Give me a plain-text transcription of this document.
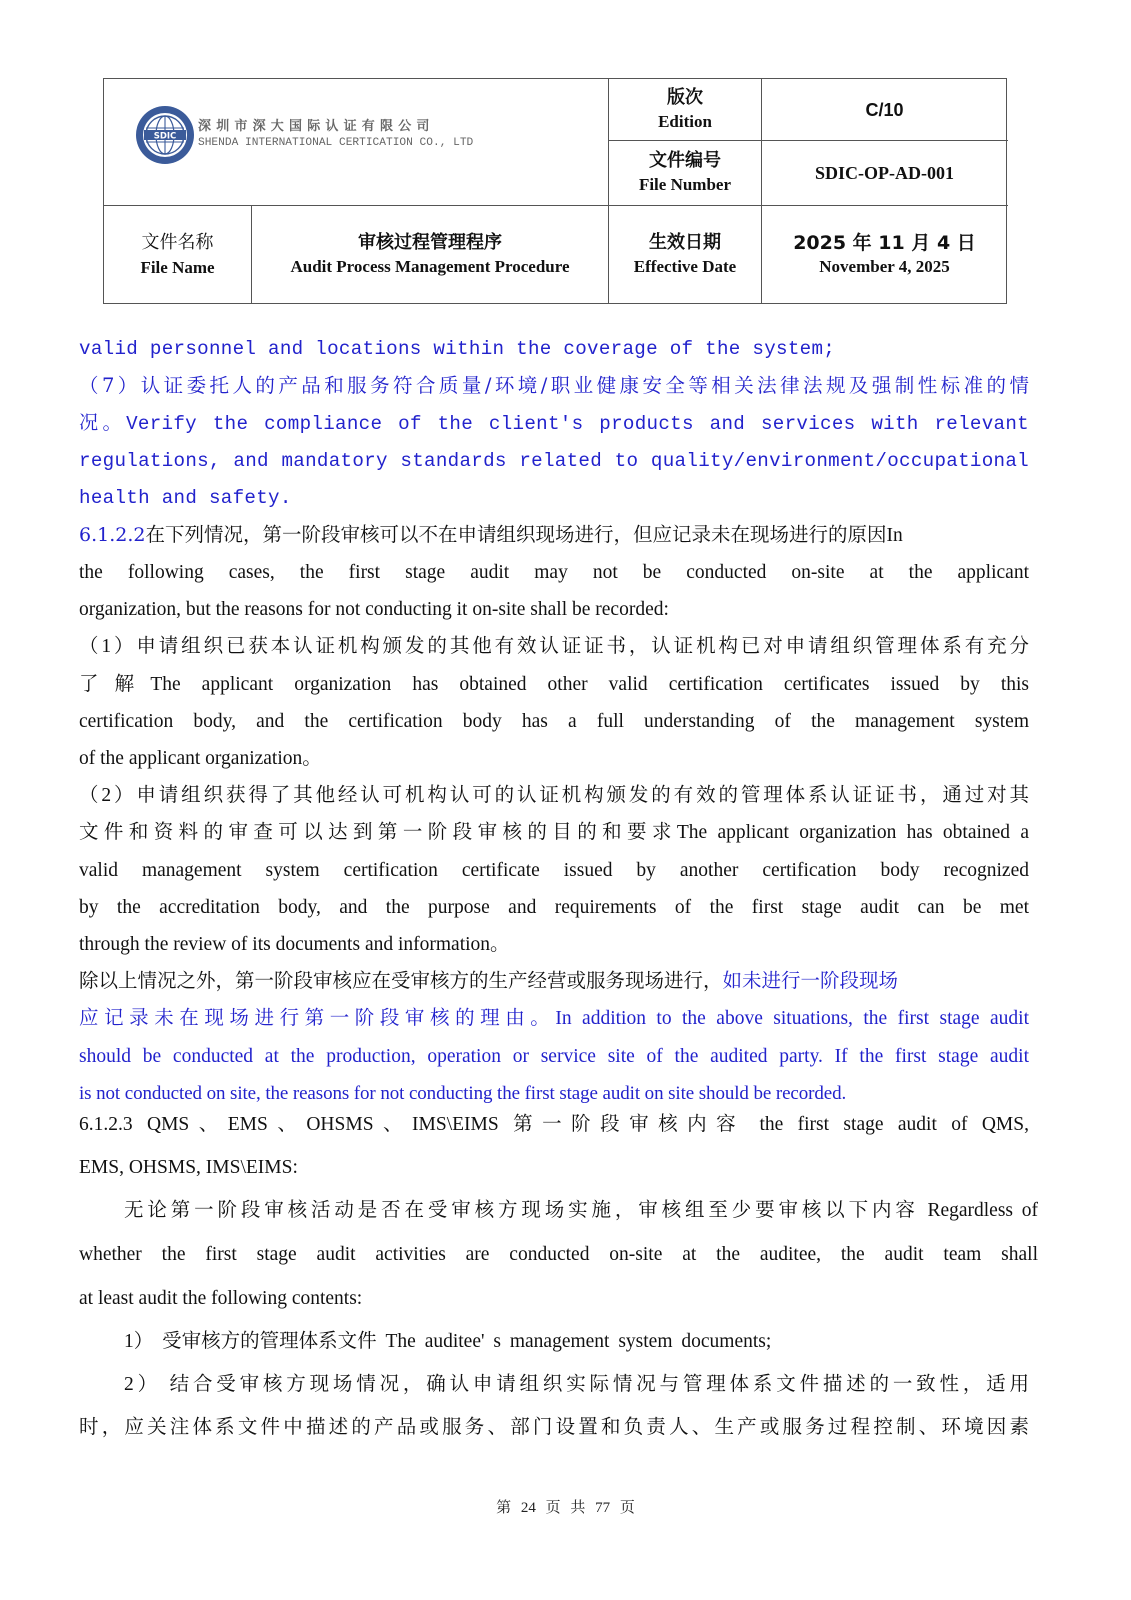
SDIC
深圳市深大国际认证有限公司
SHENDA INTERNATIONAL CERTICATION CO., LTD
版次
Edition
C/10
文件编号
File Number
SDIC-OP-AD-001
文件名称
File Name
审核过程管理程序
Audit Process Management Procedure
生效日期
Effective Date
2025 年 11 月 4 日
November 4, 2025
valid personnel and locations within the coverage of the system;
（7）认证委托人的产品和服务符合质量/环境/职业健康安全等相关法律法规及强制性标准的情
况。Verify the compliance of the client's products and services with relevant
regulations, and mandatory standards related to quality/environment/occupational
health and safety.
6.1.2.2在下列情况，第一阶段审核可以不在申请组织现场进行，但应记录未在现场进行的原因In
the following cases, the first stage audit may not be conducted on-site at the applicant
organization, but the reasons for not conducting it on-site shall be recorded:
（1）申请组织已获本认证机构颁发的其他有效认证证书，认证机构已对申请组织管理体系有充分
了解The applicant organization has obtained other valid certification certificates issued by this
certification body, and the certification body has a full understanding of the management system
of the applicant organization。
（2）申请组织获得了其他经认可机构认可的认证机构颁发的有效的管理体系认证证书，通过对其
文件和资料的审查可以达到第一阶段审核的目的和要求The applicant organization has obtained a
valid management system certification certificate issued by another certification body recognized
by the accreditation body, and the purpose and requirements of the first stage audit can be met
through the review of its documents and information。
除以上情况之外，第一阶段审核应在受审核方的生产经营或服务现场进行，如未进行一阶段现场
应记录未在现场进行第一阶段审核的理由。In addition to the above situations, the first stage audit
should be conducted at the production, operation or service site of the audited party. If the first stage audit
is not conducted on site, the reasons for not conducting the first stage audit on site should be recorded.
6.1.2.3 QMS、EMS、OHSMS、IMS\EIMS 第一阶段审核内容 the first stage audit of QMS,
EMS, OHSMS, IMS\EIMS:
无论第一阶段审核活动是否在受审核方现场实施，审核组至少要审核以下内容 Regardless of
whether the first stage audit activities are conducted on-site at the auditee, the audit team shall
at least audit the following contents:
1） 受审核方的管理体系文件 The auditee' s management system documents;
2） 结合受审核方现场情况，确认申请组织实际情况与管理体系文件描述的一致性，适用
时，应关注体系文件中描述的产品或服务、部门设置和负责人、生产或服务过程控制、环境因素
第 24 页 共 77 页
